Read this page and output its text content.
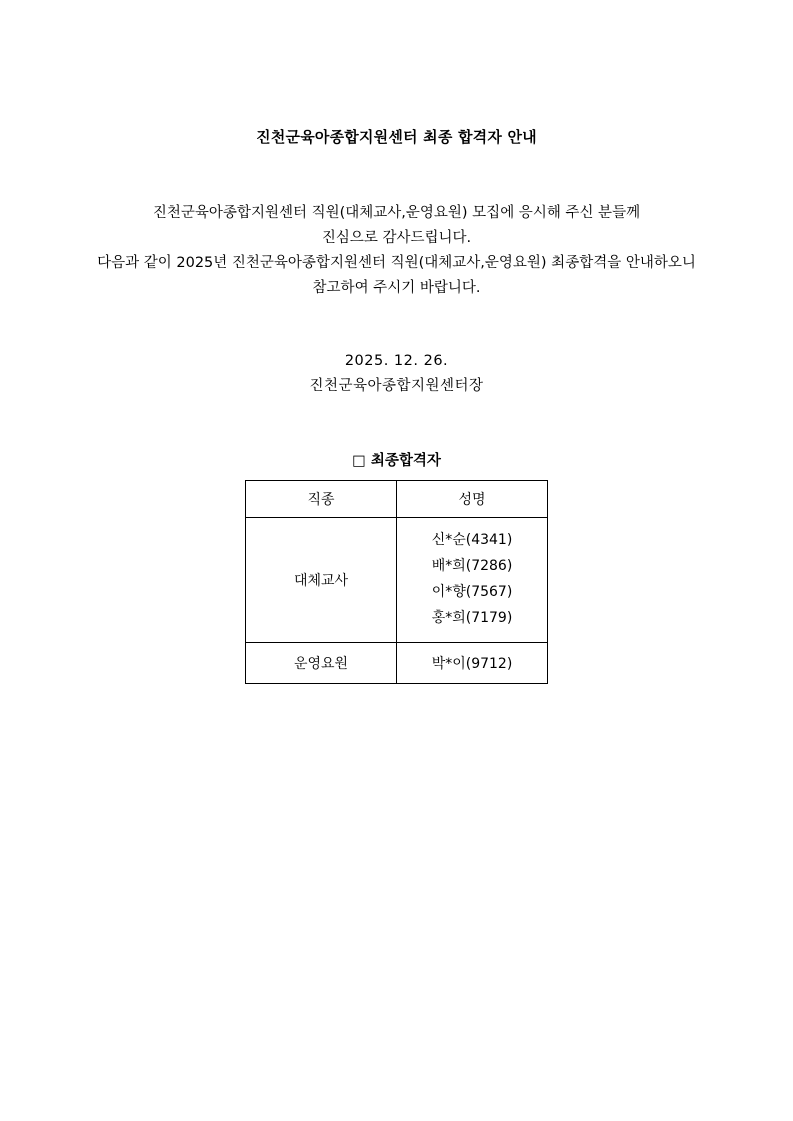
진천군육아종합지원센터 최종 합격자 안내

진천군육아종합지원센터 직원(대체교사,운영요원) 모집에 응시해 주신 분들께

진심으로 감사드립니다.

다음과 같이 2025년 진천군육아종합지원센터 직원(대체교사,운영요원) 최종합격을 안내하오니

참고하여 주시기 바랍니다.

2025. 12. 26.

진천군육아종합지원센터장

□ 최종합격자
직종	성명
대체교사	신*순(4341)
배*희(7286)
이*향(7567)
홍*희(7179)

운영요원	박*이(9712)
